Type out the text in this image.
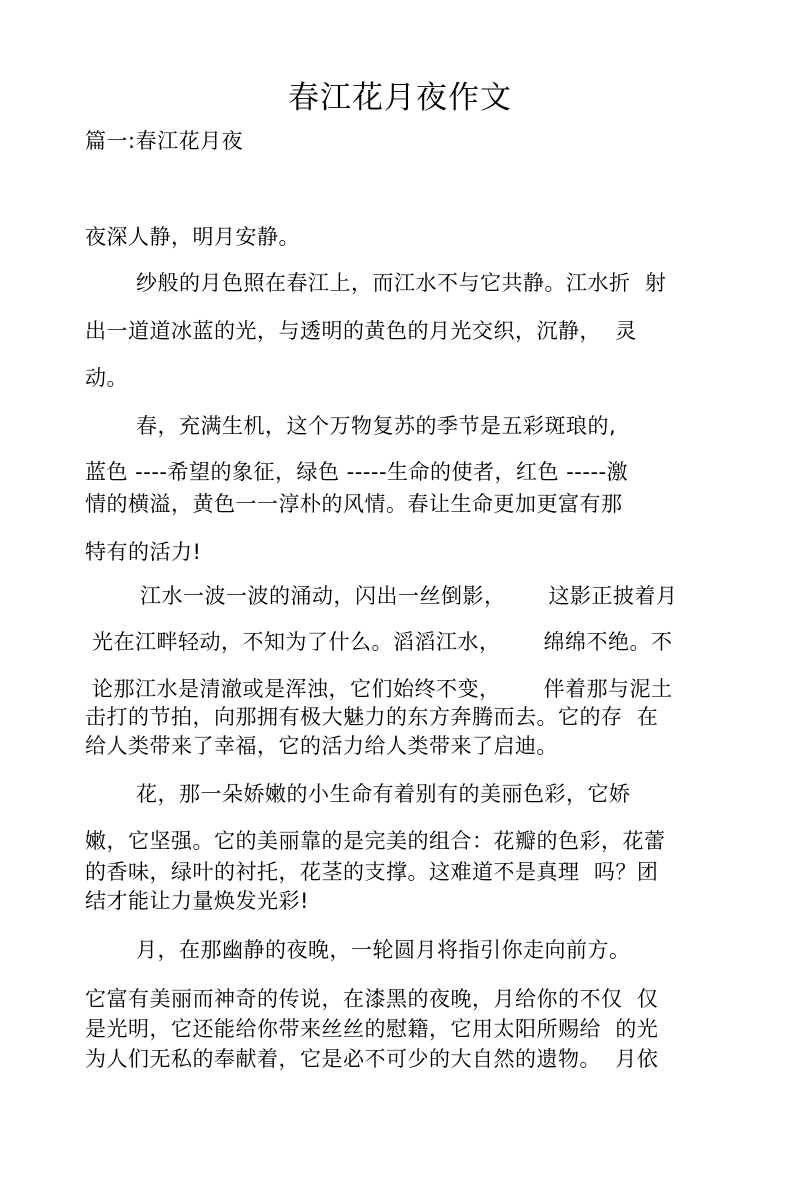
春江花月夜作文
篇一:春江花月夜
夜深人静，明月安静。
纱般的月色照在春江上，而江水不与它共静。江水折  射
出一道道冰蓝的光，与透明的黄色的月光交织，沉静，  灵
动。
春，充满生机，这个万物复苏的季节是五彩斑琅的,
蓝色 ----希望的象征，绿色 -----生命的使者，红色 -----激
情的横溢，黄色一一淳朴的风情。春让生命更加更富有那
特有的活力!
江水一波一波的涌动，闪出一丝倒影，      这影正披着月
光在江畔轻动，不知为了什么。滔滔江水，      绵绵不绝。不
论那江水是清澈或是浑浊，它们始终不变，      伴着那与泥土
击打的节拍，向那拥有极大魅力的东方奔腾而去。它的存  在
给人类带来了幸福，它的活力给人类带来了启迪。
花，那一朵娇嫩的小生命有着别有的美丽色彩，它娇
嫩，它坚强。它的美丽靠的是完美的组合：花瓣的色彩，花蕾
的香味，绿叶的衬托，花茎的支撑。这难道不是真理  吗？团
结才能让力量焕发光彩!
月，在那幽静的夜晚，一轮圆月将指引你走向前方。
它富有美丽而神奇的传说，在漆黑的夜晚，月给你的不仅  仅
是光明，它还能给你带来丝丝的慰籍，它用太阳所赐给  的光
为人们无私的奉献着，它是必不可少的大自然的遗物。  月依
